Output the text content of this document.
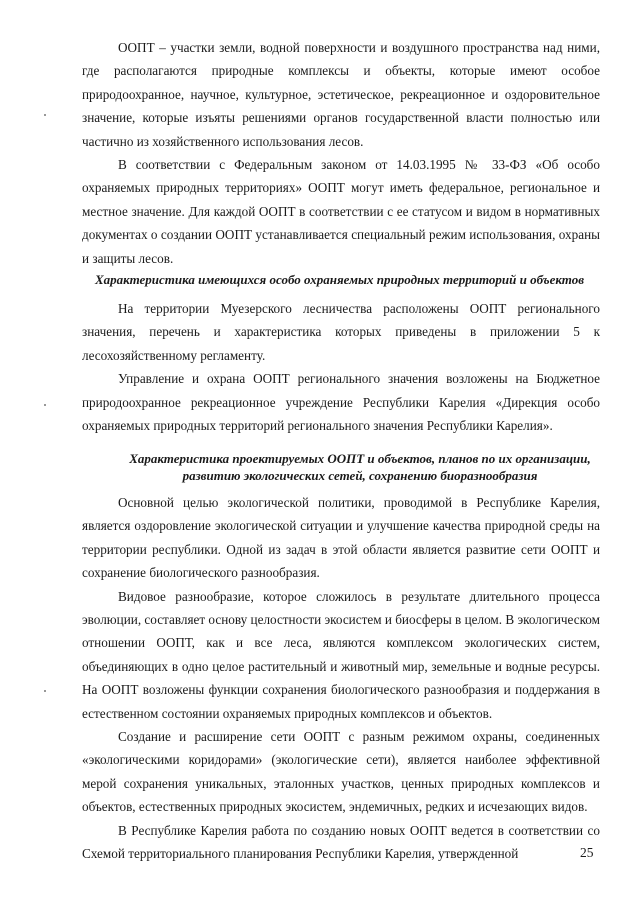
ООПТ – участки земли, водной поверхности и воздушного пространства над ними, где располагаются природные комплексы и объекты, которые имеют особое природоохранное, научное, культурное, эстетическое, рекреационное и оздоровительное значение, которые изъяты решениями органов государственной власти полностью или частично из хозяйственного использования лесов.

В соответствии с Федеральным законом от 14.03.1995 № 33-ФЗ «Об особо охраняемых природных территориях» ООПТ могут иметь федеральное, региональное и местное значение. Для каждой ООПТ в соответствии с ее статусом и видом в нормативных документах о создании ООПТ устанавливается специальный режим использования, охраны и защиты лесов.

Характеристика имеющихся особо охраняемых природных территорий и объектов

На территории Муезерского лесничества расположены ООПТ регионального значения, перечень и характеристика которых приведены в приложении 5 к лесохозяйственному регламенту.

Управление и охрана ООПТ регионального значения возложены на Бюджетное природоохранное рекреационное учреждение Республики Карелия «Дирекция особо охраняемых природных территорий регионального значения Республики Карелия».

Характеристика проектируемых ООПТ и объектов, планов по их организации,

развитию экологических сетей, сохранению биоразнообразия

Основной целью экологической политики, проводимой в Республике Карелия, является оздоровление экологической ситуации и улучшение качества природной среды на территории республики. Одной из задач в этой области является развитие сети ООПТ и сохранение биологического разнообразия.

Видовое разнообразие, которое сложилось в результате длительного процесса эволюции, составляет основу целостности экосистем и биосферы в целом. В экологическом отношении ООПТ, как и все леса, являются комплексом экологических систем, объединяющих в одно целое растительный и животный мир, земельные и водные ресурсы. На ООПТ возложены функции сохранения биологического разнообразия и поддержания в естественном состоянии охраняемых природных комплексов и объектов.

Создание и расширение сети ООПТ с разным режимом охраны, соединенных «экологическими коридорами» (экологические сети), является наиболее эффективной мерой сохранения уникальных, эталонных участков, ценных природных комплексов и объектов, естественных природных экосистем, эндемичных, редких и исчезающих видов.

В Республике Карелия работа по созданию новых ООПТ ведется в соответствии со Схемой территориального планирования Республики Карелия, утвержденной	25
